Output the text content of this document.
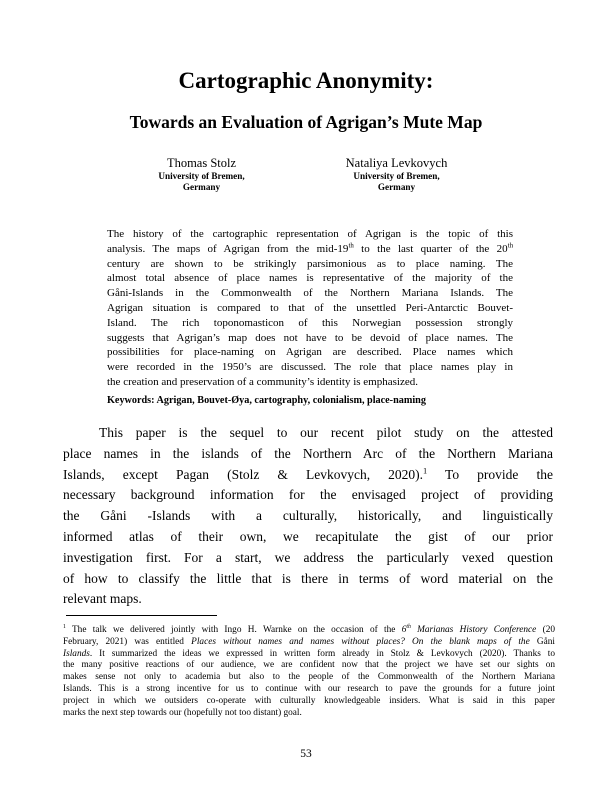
Cartographic Anonymity:
Towards an Evaluation of Agrigan’s Mute Map
Thomas Stolz
University of Bremen,
Germany
Nataliya Levkovych
University of Bremen,
Germany
The history of the cartographic representation of Agrigan is the topic of this
analysis. The maps of Agrigan from the mid-19th to the last quarter of the 20th
century are shown to be strikingly parsimonious as to place naming. The
almost total absence of place names is representative of the majority of the
Gåni-Islands in the Commonwealth of the Northern Mariana Islands. The
Agrigan situation is compared to that of the unsettled Peri-Antarctic Bouvet-
Island. The rich toponomasticon of this Norwegian possession strongly
suggests that Agrigan’s map does not have to be devoid of place names. The
possibilities for place-naming on Agrigan are described. Place names which
were recorded in the 1950’s are discussed. The role that place names play in
the creation and preservation of a community’s identity is emphasized.
Keywords: Agrigan, Bouvet-Øya, cartography, colonialism, place-naming
This paper is the sequel to our recent pilot study on the attested
place names in the islands of the Northern Arc of the Northern Mariana
Islands, except Pagan (Stolz & Levkovych, 2020).$^1$ To provide the
necessary background information for the envisaged project of providing
the Gåni -Islands with a culturally, historically, and linguistically
informed atlas of their own, we recapitulate the gist of our prior
investigation first. For a start, we address the particularly vexed question
of how to classify the little that is there in terms of word material on the
relevant maps.
$^1$ The talk we delivered jointly with Ingo H. Warnke on the occasion of the 6th Marianas History Conference (20
February, 2021) was entitled Places without names and names without places? On the blank maps of the Gåni
Islands. It summarized the ideas we expressed in written form already in Stolz & Levkovych (2020). Thanks to
the many positive reactions of our audience, we are confident now that the project we have set our sights on
makes sense not only to academia but also to the people of the Commonwealth of the Northern Mariana
Islands. This is a strong incentive for us to continue with our research to pave the grounds for a future joint
project in which we outsiders co-operate with culturally knowledgeable insiders. What is said in this paper
marks the next step towards our (hopefully not too distant) goal.
53
